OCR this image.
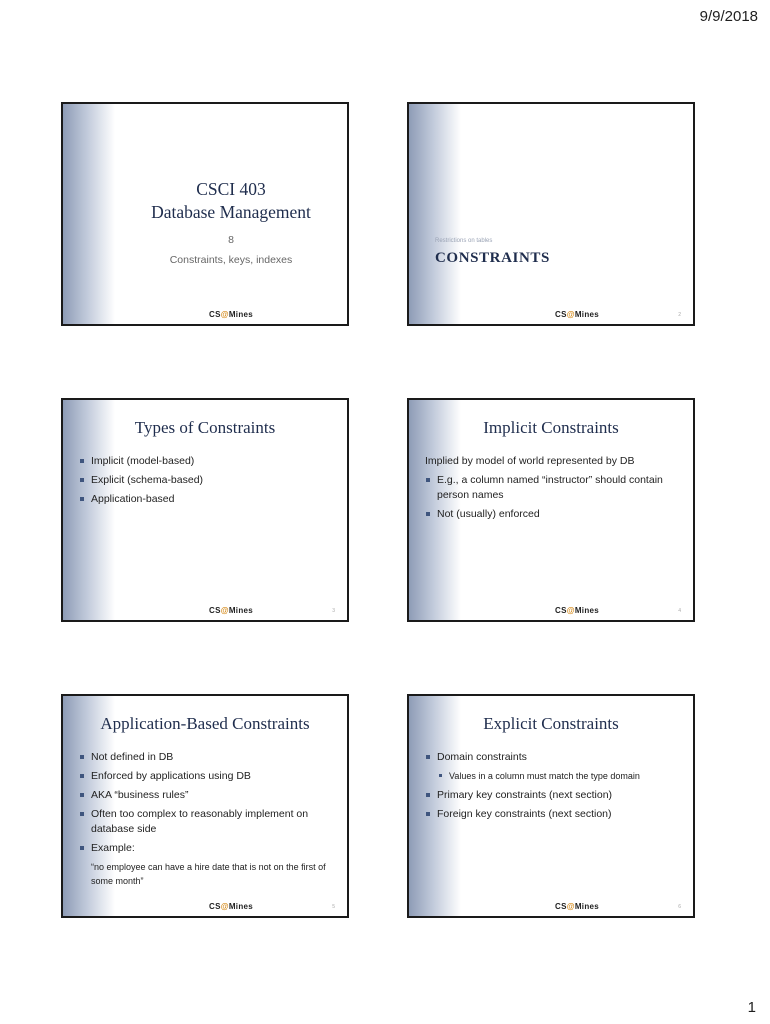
9/9/2018
CSCI 403
Database Management
8
Constraints, keys, indexes
CS@Mines
Restrictions on tables
CONSTRAINTS
CS@Mines	2
Types of Constraints
Implicit (model-based)
Explicit (schema-based)
Application-based
CS@Mines	3
Implicit Constraints
Implied by model of world represented by DB
E.g., a column named “instructor” should contain person names
Not (usually) enforced
CS@Mines	4
Application-Based Constraints
Not defined in DB
Enforced by applications using DB
AKA “business rules”
Often too complex to reasonably implement on database side
Example:
“no employee can have a hire date that is not on the first of some month”
CS@Mines	5
Explicit Constraints
Domain constraints
Values in a column must match the type domain
Primary key constraints (next section)
Foreign key constraints (next section)
CS@Mines	6
1
